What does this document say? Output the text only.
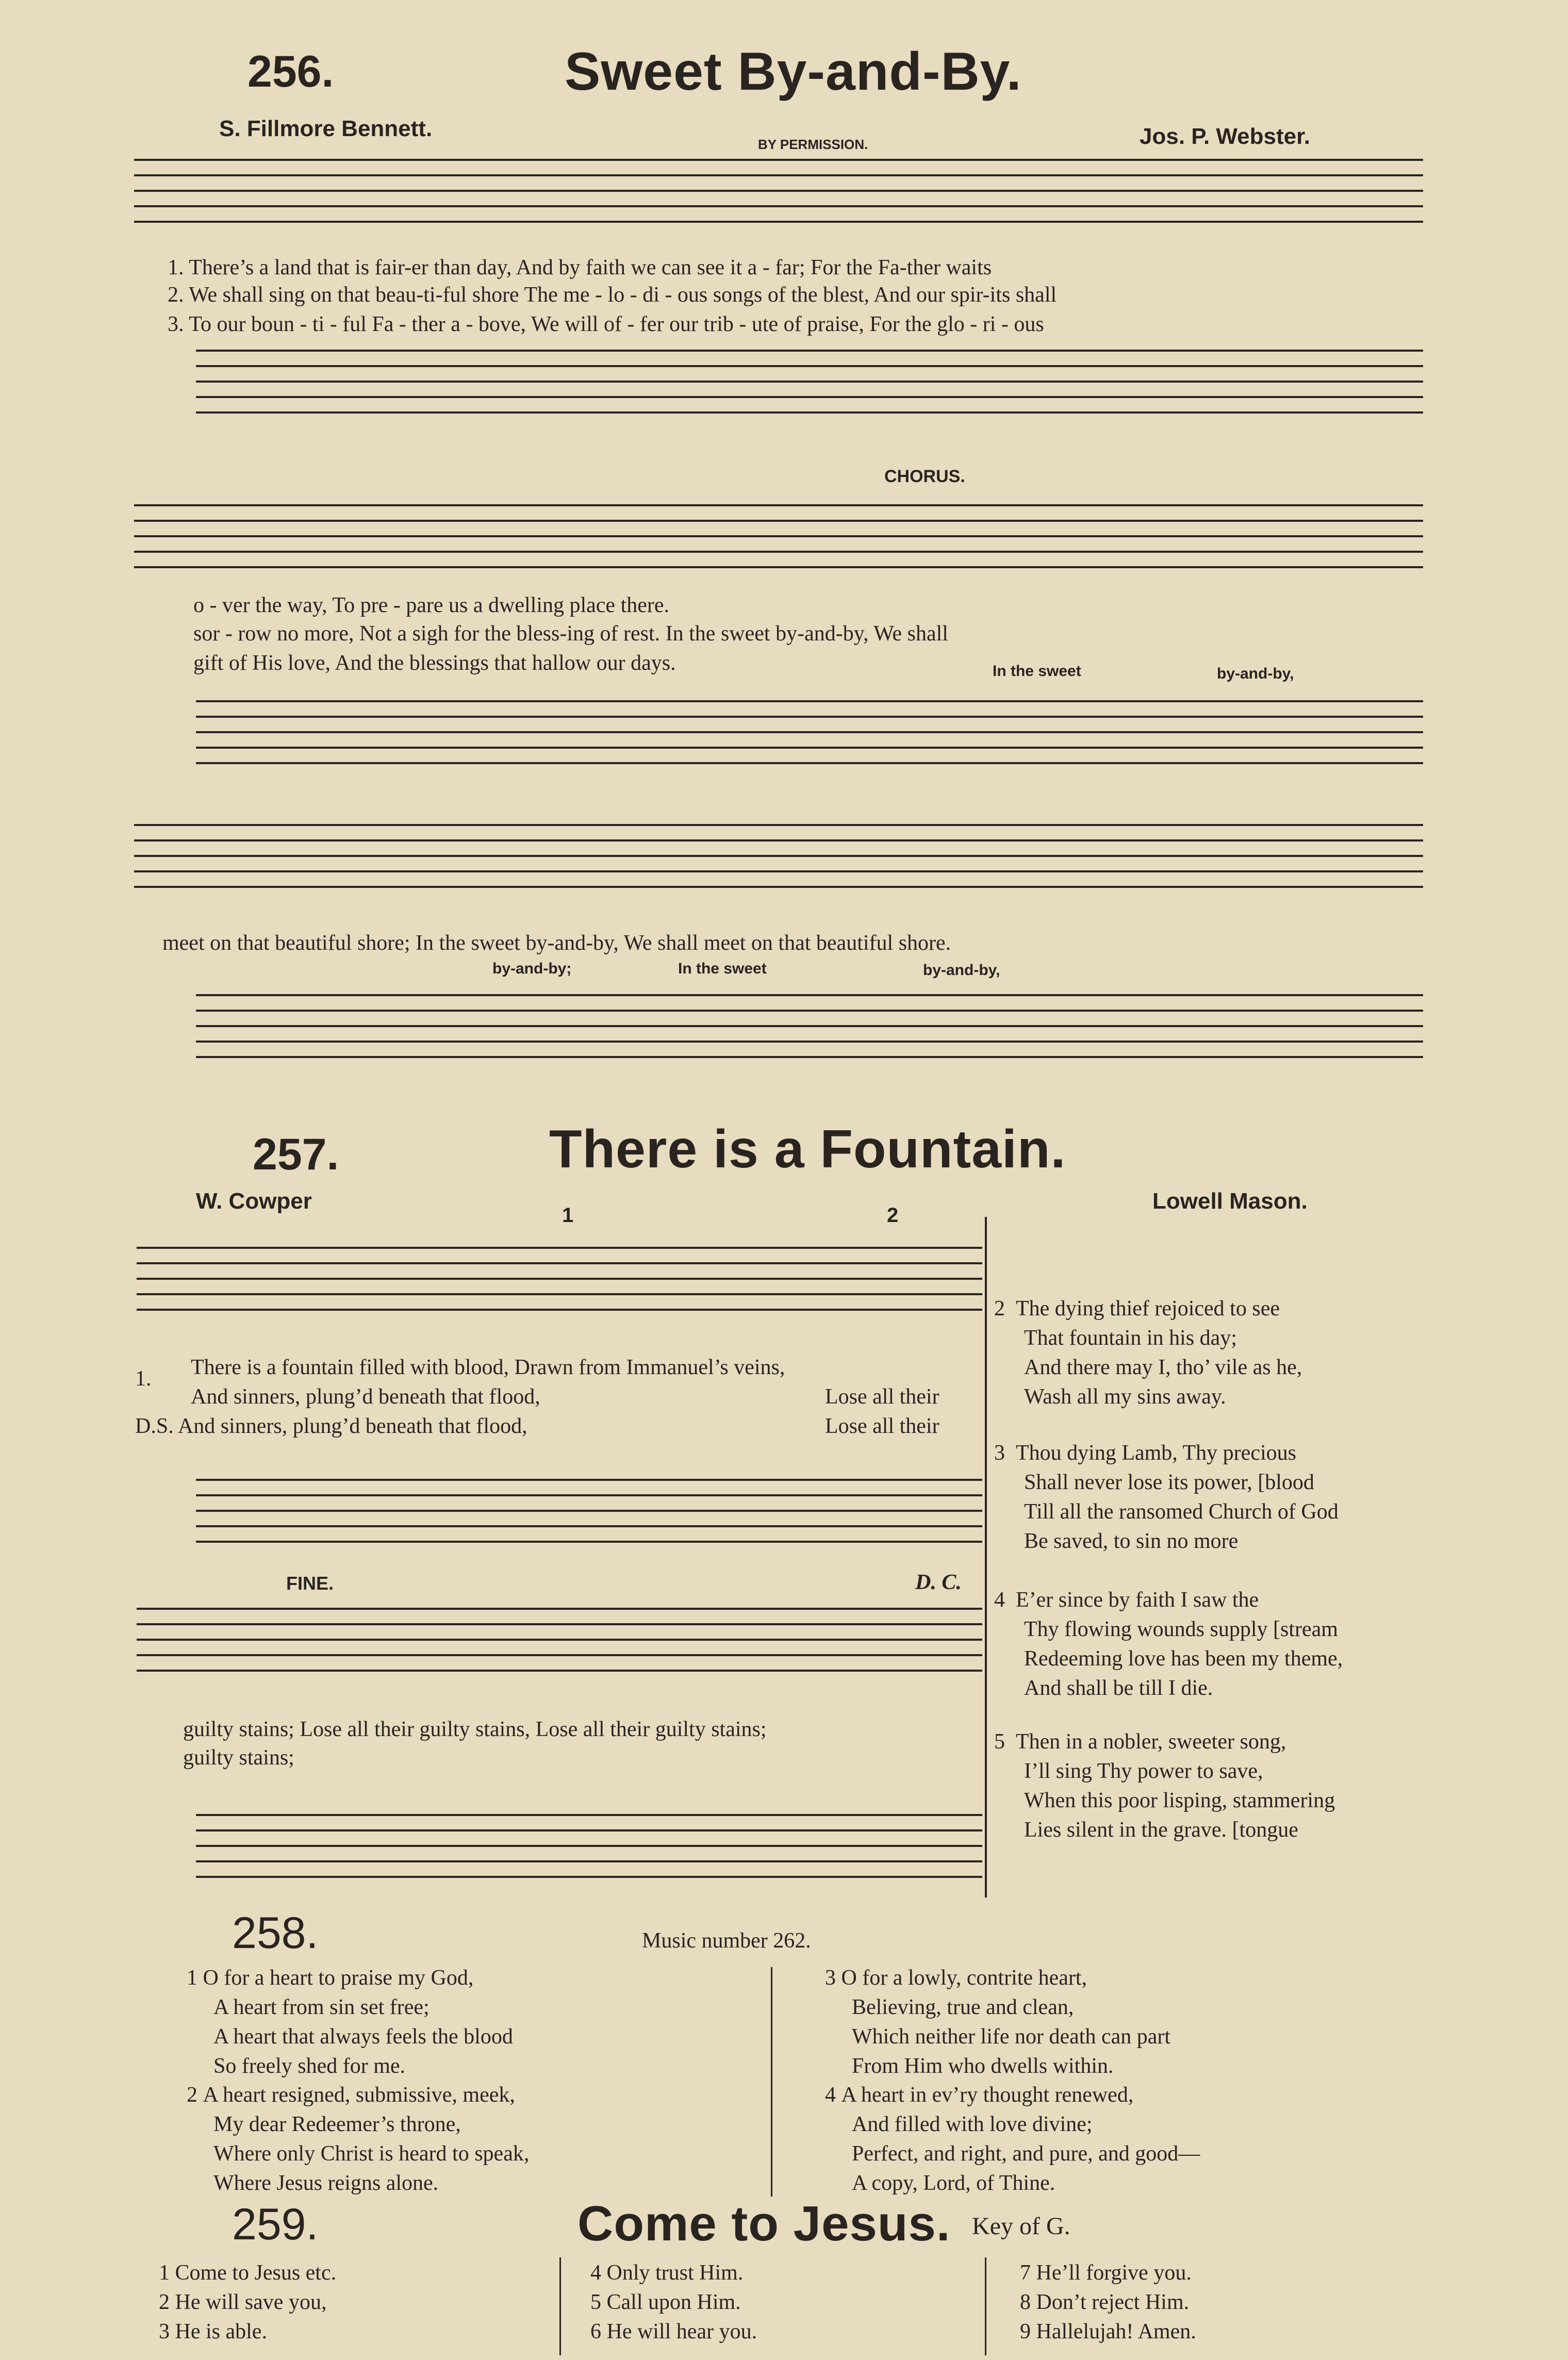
256.	Sweet By-and-By.
S. Fillmore Bennett.
BY PERMISSION.	Jos. P. Webster.
1. There’s a land that is fair-er than day, And by faith we can see it a - far; For the Fa-ther waits
2. We shall sing on that beau-ti-ful shore The me - lo - di - ous songs of the blest, And our spir-its shall
3. To our boun - ti - ful Fa - ther a - bove, We will of - fer our trib - ute of praise, For the glo - ri - ous
CHORUS.
o - ver the way, To pre - pare us a dwelling place there.
sor - row no more, Not a sigh for the bless-ing of rest. In the sweet by-and-by, We shall
gift of His love, And the blessings that hallow our days.	In the sweet	by-and-by,
meet on that beautiful shore; In the sweet by-and-by, We shall meet on that beautiful shore.
by-and-by;	In the sweet	by-and-by,
257.	There is a Fountain.
W. Cowper	Lowell Mason.
1	2
1. There is a fountain filled with blood, Drawn from Immanuel’s veins,
And sinners, plung’d beneath that flood,	Lose all their
D.S. And sinners, plung’d beneath that flood,	Lose all their
FINE.	D. C.
guilty stains; Lose all their guilty stains, Lose all their guilty stains;
guilty stains;
2 The dying thief rejoiced to see
That fountain in his day;
And there may I, tho’ vile as he,
Wash all my sins away.
3 Thou dying Lamb, Thy precious
Shall never lose its power, [blood
Till all the ransomed Church of God
Be saved, to sin no more
4 E’er since by faith I saw the
Thy flowing wounds supply [stream
Redeeming love has been my theme,
And shall be till I die.
5 Then in a nobler, sweeter song,
I’ll sing Thy power to save,
When this poor lisping, stammering
Lies silent in the grave. [tongue
258.	Music number 262.
1 O for a heart to praise my God,
A heart from sin set free;
A heart that always feels the blood
So freely shed for me.
2 A heart resigned, submissive, meek,
My dear Redeemer’s throne,
Where only Christ is heard to speak,
Where Jesus reigns alone.
3 O for a lowly, contrite heart,
Believing, true and clean,
Which neither life nor death can part
From Him who dwells within.
4 A heart in ev’ry thought renewed,
And filled with love divine;
Perfect, and right, and pure, and good—
A copy, Lord, of Thine.
259.	Come to Jesus. Key of G.
1 Come to Jesus etc.
2 He will save you,
3 He is able.
4 Only trust Him.
5 Call upon Him.
6 He will hear you.
7 He’ll forgive you.
8 Don’t reject Him.
9 Hallelujah! Amen.
